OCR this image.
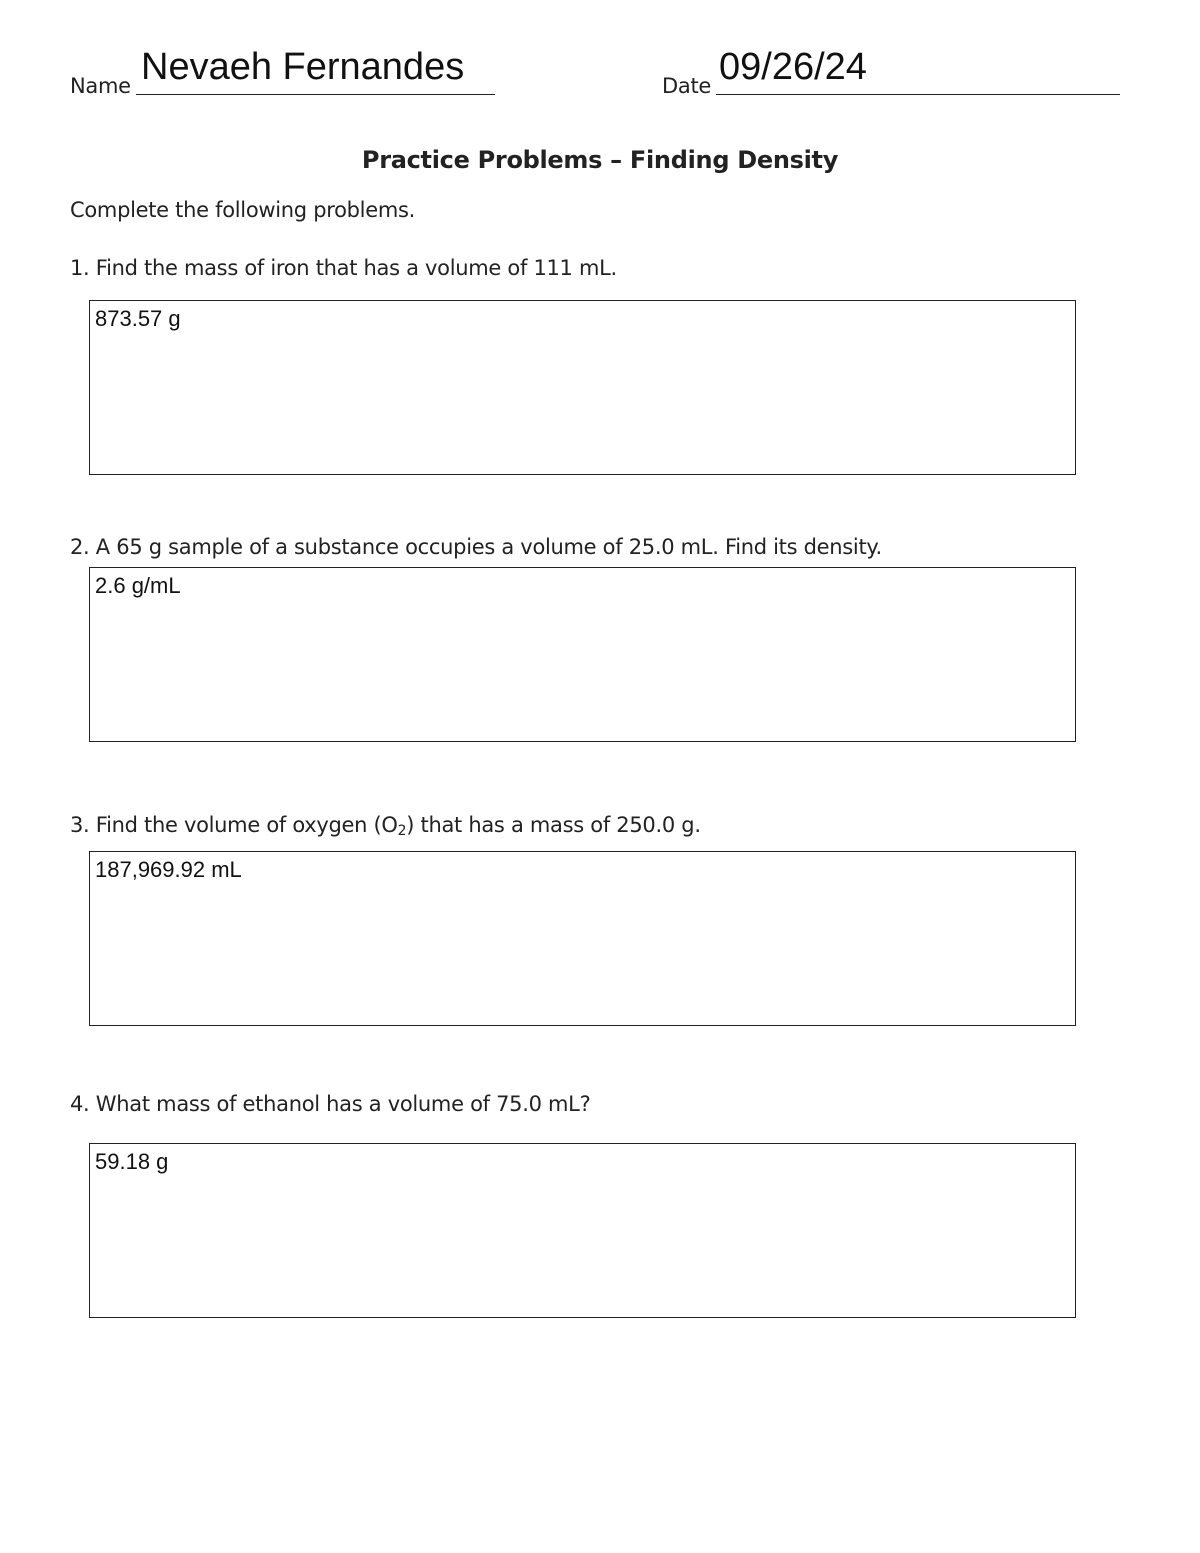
Name Nevaeh Fernandes	Date 09/26/24
Practice Problems – Finding Density
Complete the following problems.
1. Find the mass of iron that has a volume of 111 mL.
873.57 g
2. A 65 g sample of a substance occupies a volume of 25.0 mL. Find its density.
2.6 g/mL
3. Find the volume of oxygen $(O_2)$ that has a mass of 250.0 g.
187,969.92 mL
4. What mass of ethanol has a volume of 75.0 mL?
59.18 g
